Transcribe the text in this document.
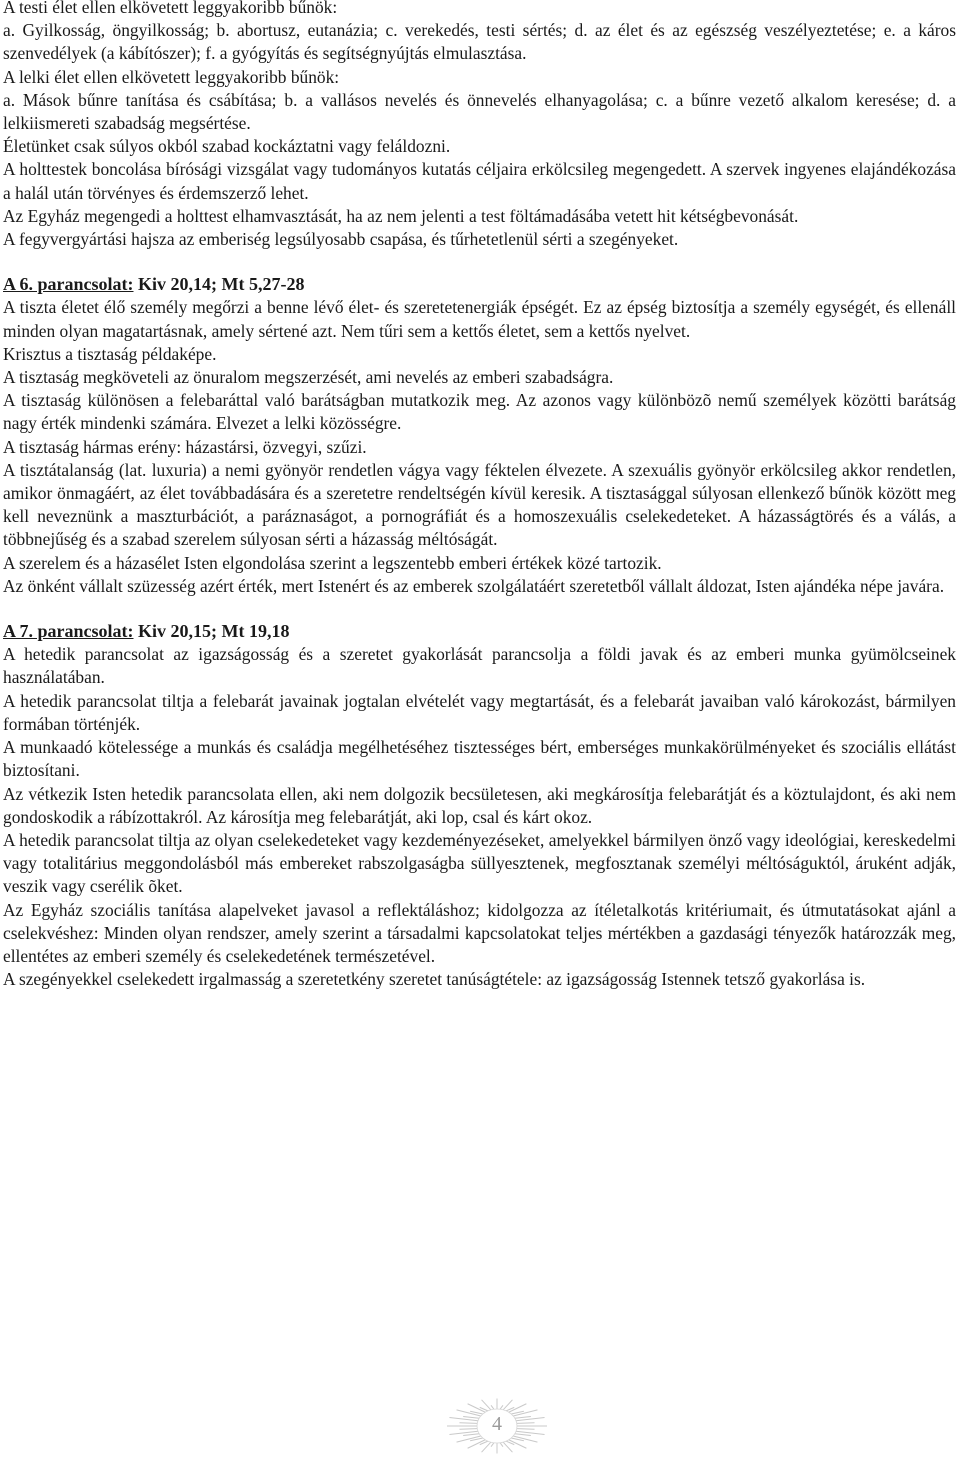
A testi élet ellen elkövetett leggyakoribb bűnök:

a. Gyilkosság, öngyilkosság; b. abortusz, eutanázia; c. verekedés, testi sértés; d. az élet és az egészség veszélyeztetése; e. a káros szenvedélyek (a kábítószer); f. a gyógyítás és segítségnyújtás elmulasztása.

A lelki élet ellen elkövetett leggyakoribb bűnök:

a. Mások bűnre tanítása és csábítása; b. a vallásos nevelés és önnevelés elhanyagolása; c. a bűnre vezető alkalom keresése; d. a lelkiismereti szabadság megsértése.

Életünket csak súlyos okból szabad kockáztatni vagy feláldozni.

A holttestek boncolása bírósági vizsgálat vagy tudományos kutatás céljaira erkölcsileg megengedett. A szervek ingyenes elajándékozása a halál után törvényes és érdemszerző lehet.

Az Egyház megengedi a holttest elhamvasztását, ha az nem jelenti a test föltámadásába vetett hit kétségbevonását.

A fegyvergyártási hajsza az emberiség legsúlyosabb csapása, és tűrhetetlenül sérti a szegényeket.

A 6. parancsolat: Kiv 20,14; Mt 5,27-28

A tiszta életet élő személy megőrzi a benne lévő élet- és szeretetenergiák épségét. Ez az épség biztosítja a személy egységét, és ellenáll minden olyan magatartásnak, amely sértené azt. Nem tűri sem a kettős életet, sem a kettős nyelvet.

Krisztus a tisztaság példaképe.

A tisztaság megköveteli az önuralom megszerzését, ami nevelés az emberi szabadságra.

A tisztaság különösen a felebaráttal való barátságban mutatkozik meg. Az azonos vagy különbözõ nemű személyek közötti barátság nagy érték mindenki számára. Elvezet a lelki közösségre.

A tisztaság hármas erény: házastársi, özvegyi, szűzi.

A tisztátalanság (lat. luxuria) a nemi gyönyör rendetlen vágya vagy féktelen élvezete. A szexuális gyönyör erkölcsileg akkor rendetlen, amikor önmagáért, az élet továbbadására és a szeretetre rendeltségén kívül keresik. A tisztasággal súlyosan ellenkező bűnök között meg kell neveznünk a maszturbációt, a paráznaságot, a pornográfiát és a homoszexuális cselekedeteket. A házasságtörés és a válás, a többnejűség és a szabad szerelem súlyosan sérti a házasság méltóságát.

A szerelem és a házasélet Isten elgondolása szerint a legszentebb emberi értékek közé tartozik.

Az önként vállalt szüzesség azért érték, mert Istenért és az emberek szolgálatáért szeretetből vállalt áldozat, Isten ajándéka népe javára.

A 7. parancsolat: Kiv 20,15; Mt 19,18

A hetedik parancsolat az igazságosság és a szeretet gyakorlását parancsolja a földi javak és az emberi munka gyümölcseinek használatában.

A hetedik parancsolat tiltja a felebarát javainak jogtalan elvételét vagy megtartását, és a felebarát javaiban való károkozást, bármilyen formában történjék.

A munkaadó kötelessége a munkás és családja megélhetéséhez tisztességes bért, emberséges munkakörülményeket és szociális ellátást biztosítani.

Az vétkezik Isten hetedik parancsolata ellen, aki nem dolgozik becsületesen, aki megkárosítja felebarátját és a köztulajdont, és aki nem gondoskodik a rábízottakról. Az károsítja meg felebarátját, aki lop, csal és kárt okoz.

A hetedik parancsolat tiltja az olyan cselekedeteket vagy kezdeményezéseket, amelyekkel bármilyen önző vagy ideológiai, kereskedelmi vagy totalitárius meggondolásból más embereket rabszolgaságba süllyesztenek, megfosztanak személyi méltóságuktól, áruként adják, veszik vagy cserélik õket.

Az Egyház szociális tanítása alapelveket javasol a reflektáláshoz; kidolgozza az ítéletalkotás kritériumait, és útmutatásokat ajánl a cselekvéshez: Minden olyan rendszer, amely szerint a társadalmi kapcsolatokat teljes mértékben a gazdasági tényezők határozzák meg, ellentétes az emberi személy és cselekedetének természetével.

A szegényekkel cselekedett irgalmasság a szeretetkény szeretet tanúságtétele: az igazságosság Istennek tetsző gyakorlása is.

4
